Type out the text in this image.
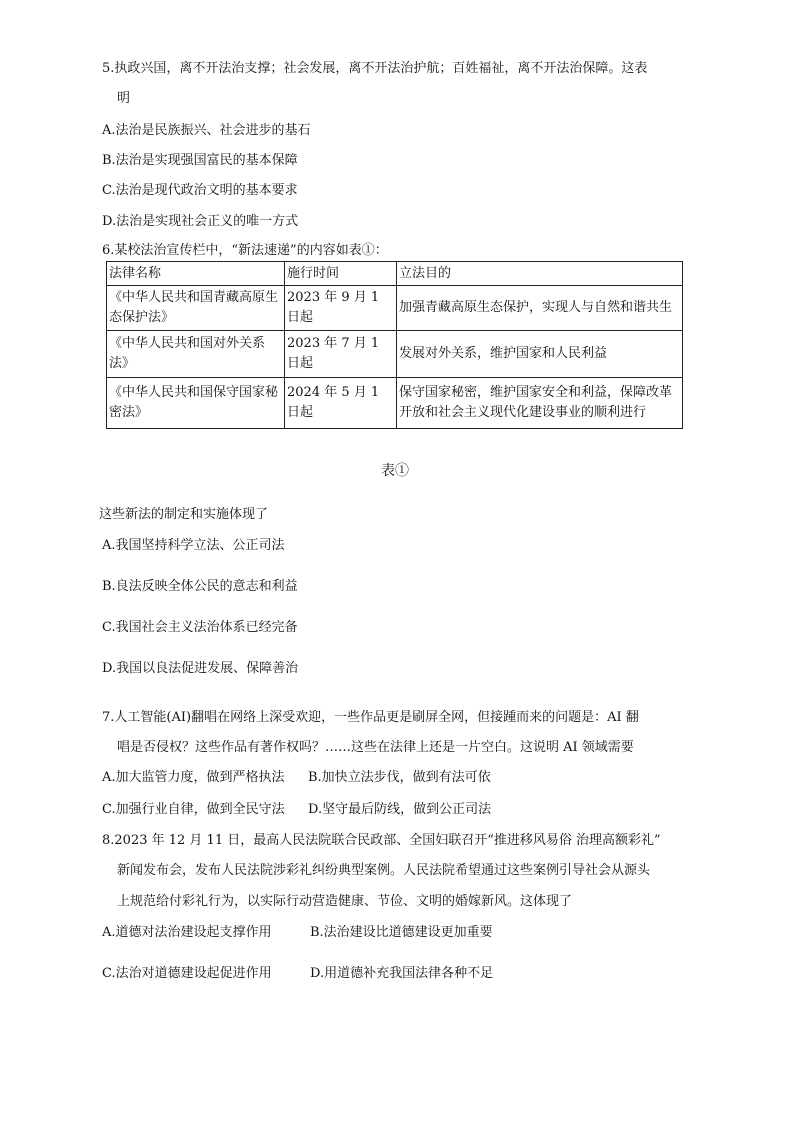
5.执政兴国，离不开法治支撑；社会发展，离不开法治护航；百姓福祉，离不开法治保障。这表
明
A.法治是民族振兴、社会进步的基石
B.法治是实现强国富民的基本保障
C.法治是现代政治文明的基本要求
D.法治是实现社会正义的唯一方式
6.某校法治宣传栏中，“新法速递”的内容如表①：
法律名称	施行时间	立法目的
《中华人民共和国青藏高原生态保护法》	2023 年 9 月 1 日起	加强青藏高原生态保护，实现人与自然和谐共生
《中华人民共和国对外关系法》	2023 年 7 月 1 日起	发展对外关系，维护国家和人民利益
《中华人民共和国保守国家秘密法》	2024 年 5 月 1 日起	保守国家秘密，维护国家安全和利益，保障改革开放和社会主义现代化建设事业的顺利进行
表①
这些新法的制定和实施体现了
A.我国坚持科学立法、公正司法
B.良法反映全体公民的意志和利益
C.我国社会主义法治体系已经完备
D.我国以良法促进发展、保障善治
7.人工智能(AI)翻唱在网络上深受欢迎，一些作品更是刷屏全网，但接踵而来的问题是：AI 翻
唱是否侵权？这些作品有著作权吗？……这些在法律上还是一片空白。这说明 AI 领域需要
A.加大监管力度，做到严格执法 B.加快立法步伐，做到有法可依
C.加强行业自律，做到全民守法 D.坚守最后防线，做到公正司法
8.2023 年 12 月 11 日，最高人民法院联合民政部、全国妇联召开“推进移风易俗 治理高额彩礼”
新闻发布会，发布人民法院涉彩礼纠纷典型案例。人民法院希望通过这些案例引导社会从源头
上规范给付彩礼行为，以实际行动营造健康、节俭、文明的婚嫁新风。这体现了
A.道德对法治建设起支撑作用	B.法治建设比道德建设更加重要
C.法治对道德建设起促进作用	D.用道德补充我国法律各种不足
